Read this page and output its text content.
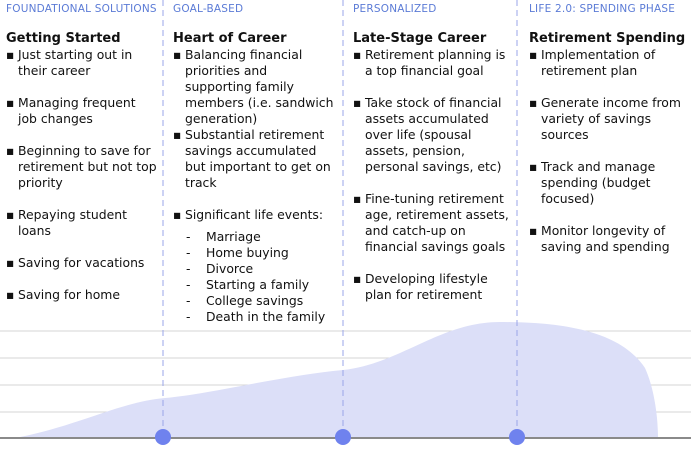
FOUNDATIONAL SOLUTIONS
Getting Started
▪ Just starting out in their career
▪ Managing frequent job changes
▪ Beginning to save for retirement but not top priority
▪ Repaying student loans
▪ Saving for vacations
▪ Saving for home
GOAL-BASED
Heart of Career
▪ Balancing financial priorities and supporting family members (i.e. sandwich generation)
▪ Substantial retirement savings accumulated but important to get on track
▪ Significant life events:
- Marriage
- Home buying
- Divorce
- Starting a family
- College savings
- Death in the family
PERSONALIZED
Late-Stage Career
▪ Retirement planning is a top financial goal
▪ Take stock of financial assets accumulated over life (spousal assets, pension, personal savings, etc)
▪ Fine-tuning retirement age, retirement assets, and catch-up on financial savings goals
▪ Developing lifestyle plan for retirement
LIFE 2.0: SPENDING PHASE
Retirement Spending
▪ Implementation of retirement plan
▪ Generate income from variety of savings sources
▪ Track and manage spending (budget focused)
▪ Monitor longevity of saving and spending
